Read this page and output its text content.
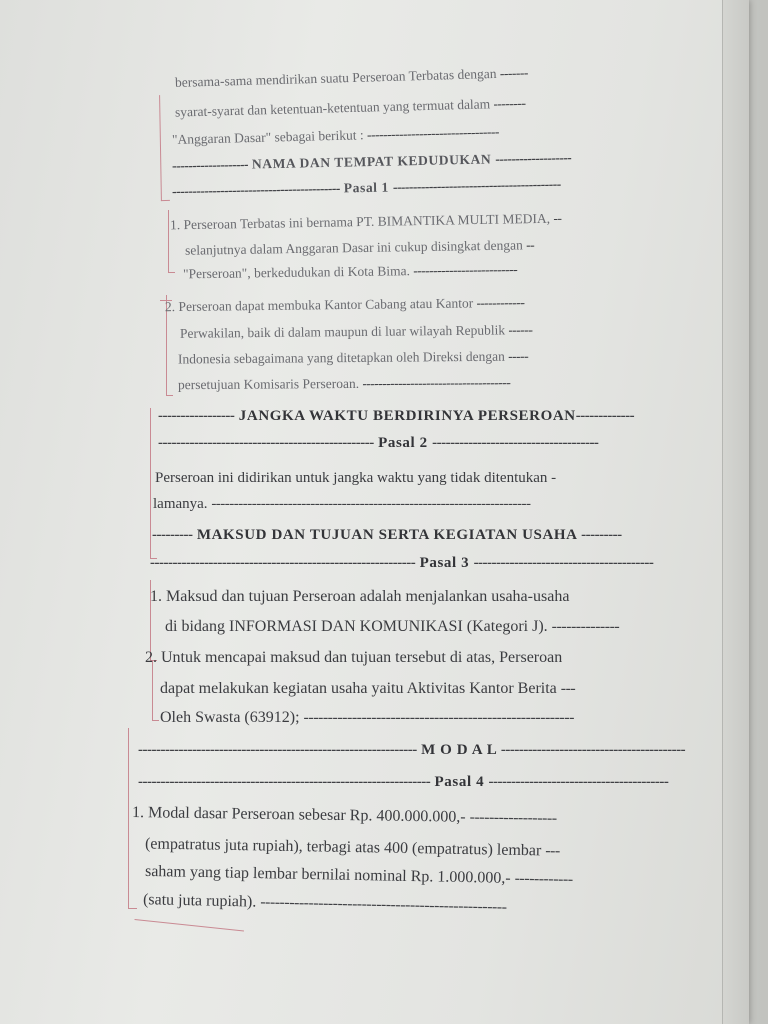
bersama-sama mendirikan suatu Perseroan Terbatas dengan -------
syarat-syarat dan ketentuan-ketentuan yang termuat dalam --------
"Anggaran Dasar" sebagai berikut : ---------------------------------
------------------- NAMA DAN TEMPAT KEDUDUKAN -------------------
------------------------------------------ Pasal 1 ------------------------------------------
1. Perseroan Terbatas ini bernama PT. BIMANTIKA MULTI MEDIA, --
selanjutnya dalam Anggaran Dasar ini cukup disingkat dengan --
"Perseroan", berkedudukan di Kota Bima. --------------------------
2. Perseroan dapat membuka Kantor Cabang atau Kantor ------------
Perwakilan, baik di dalam maupun di luar wilayah Republik ------
Indonesia sebagaimana yang ditetapkan oleh Direksi dengan -----
persetujuan Komisaris Perseroan. -------------------------------------
----------------- JANGKA WAKTU BERDIRINYA PERSEROAN-------------
------------------------------------------------ Pasal 2 -------------------------------------
Perseroan ini didirikan untuk jangka waktu yang tidak ditentukan -
lamanya. -----------------------------------------------------------------------
--------- MAKSUD DAN TUJUAN SERTA KEGIATAN USAHA ---------
----------------------------------------------------------- Pasal 3 ----------------------------------------
1. Maksud dan tujuan Perseroan adalah menjalankan usaha-usaha
di bidang INFORMASI DAN KOMUNIKASI (Kategori J). --------------
2. Untuk mencapai maksud dan tujuan tersebut di atas, Perseroan
dapat melakukan kegiatan usaha yaitu Aktivitas Kantor Berita ---
Oleh Swasta (63912); --------------------------------------------------------
-------------------------------------------------------------- M O D A L -----------------------------------------
----------------------------------------------------------------- Pasal 4 ----------------------------------------
1. Modal dasar Perseroan sebesar Rp. 400.000.000,- ------------------
(empatratus juta rupiah), terbagi atas 400 (empatratus) lembar ---
saham yang tiap lembar bernilai nominal Rp. 1.000.000,- ------------
(satu juta rupiah). ---------------------------------------------------
